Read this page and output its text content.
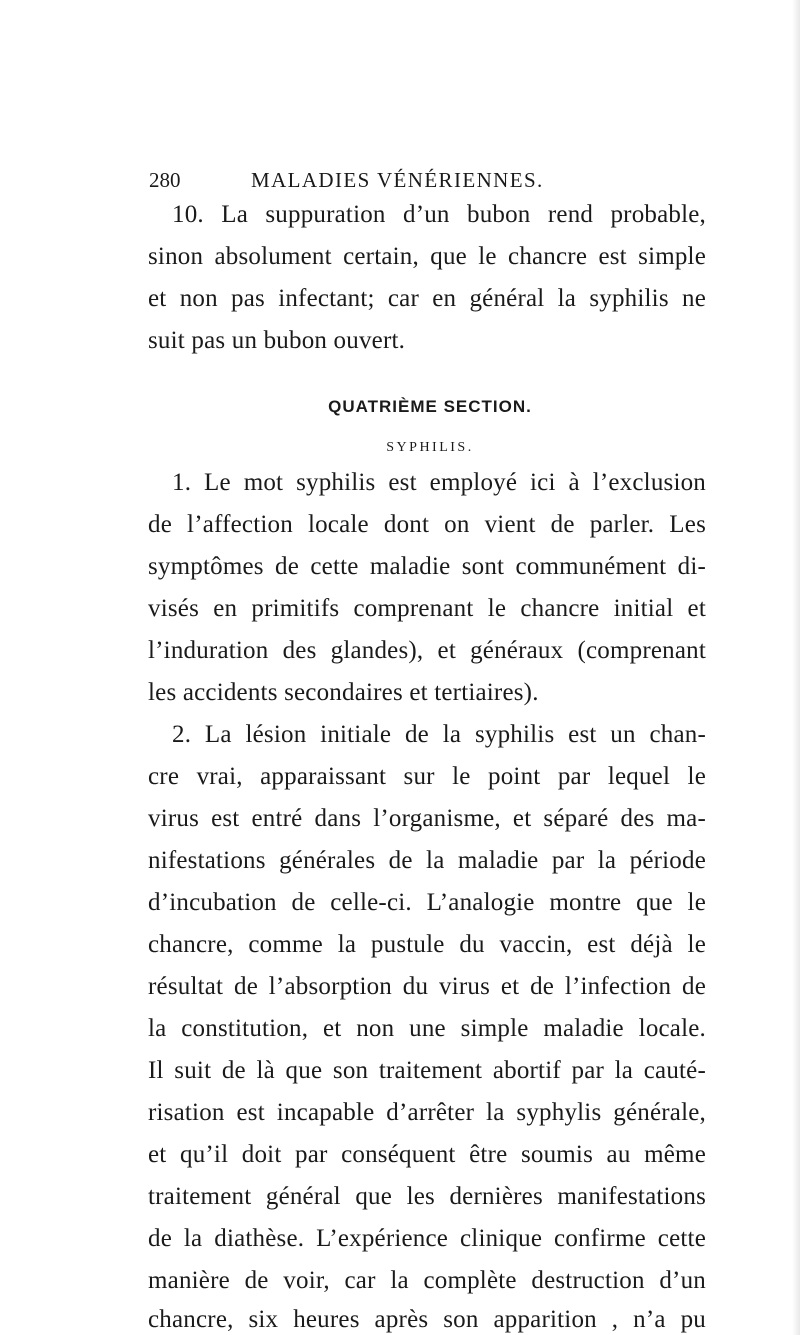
280	MALADIES VÉNÉRIENNES.
10. La suppuration d’un bubon rend probable,
sinon absolument certain, que le chancre est simple
et non pas infectant; car en général la syphilis ne
suit pas un bubon ouvert.
QUATRIÈME SECTION.
SYPHILIS.
1. Le mot syphilis est employé ici à l’exclusion
de l’affection locale dont on vient de parler. Les
symptômes de cette maladie sont communément di-
visés en primitifs comprenant le chancre initial et
l’induration des glandes), et généraux (comprenant
les accidents secondaires et tertiaires).
2. La lésion initiale de la syphilis est un chan-
cre vrai, apparaissant sur le point par lequel le
virus est entré dans l’organisme, et séparé des ma-
nifestations générales de la maladie par la période
d’incubation de celle-ci. L’analogie montre que le
chancre, comme la pustule du vaccin, est déjà le
résultat de l’absorption du virus et de l’infection de
la constitution, et non une simple maladie locale.
Il suit de là que son traitement abortif par la cauté-
risation est incapable d’arrêter la syphylis générale,
et qu’il doit par conséquent être soumis au même
traitement général que les dernières manifestations
de la diathèse. L’expérience clinique confirme cette
manière de voir, car la complète destruction d’un
chancre, six heures après son apparition , n’a pu
